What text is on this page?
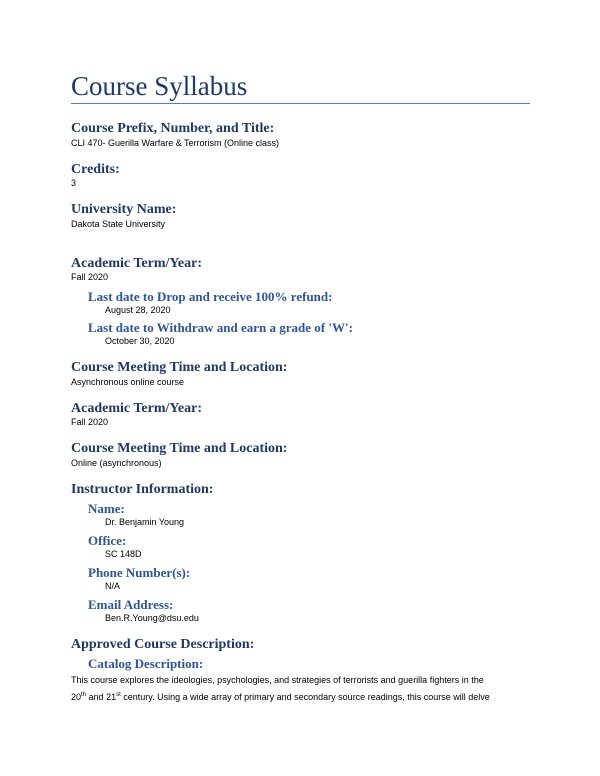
Course Syllabus
Course Prefix, Number, and Title:
CLI 470- Guerilla Warfare & Terrorism (Online class)
Credits:
3
University Name:
Dakota State University
Academic Term/Year:
Fall 2020
Last date to Drop and receive 100% refund:
August 28, 2020
Last date to Withdraw and earn a grade of 'W':
October 30, 2020
Course Meeting Time and Location:
Asynchronous online course
Academic Term/Year:
Fall 2020
Course Meeting Time and Location:
Online (asynchronous)
Instructor Information:
Name:
Dr. Benjamin Young
Office:
SC 148D
Phone Number(s):
N/A
Email Address:
Ben.R.Young@dsu.edu
Approved Course Description:
Catalog Description:
This course explores the ideologies, psychologies, and strategies of terrorists and guerilla fighters in the
20th and 21st century. Using a wide array of primary and secondary source readings, this course will delve
